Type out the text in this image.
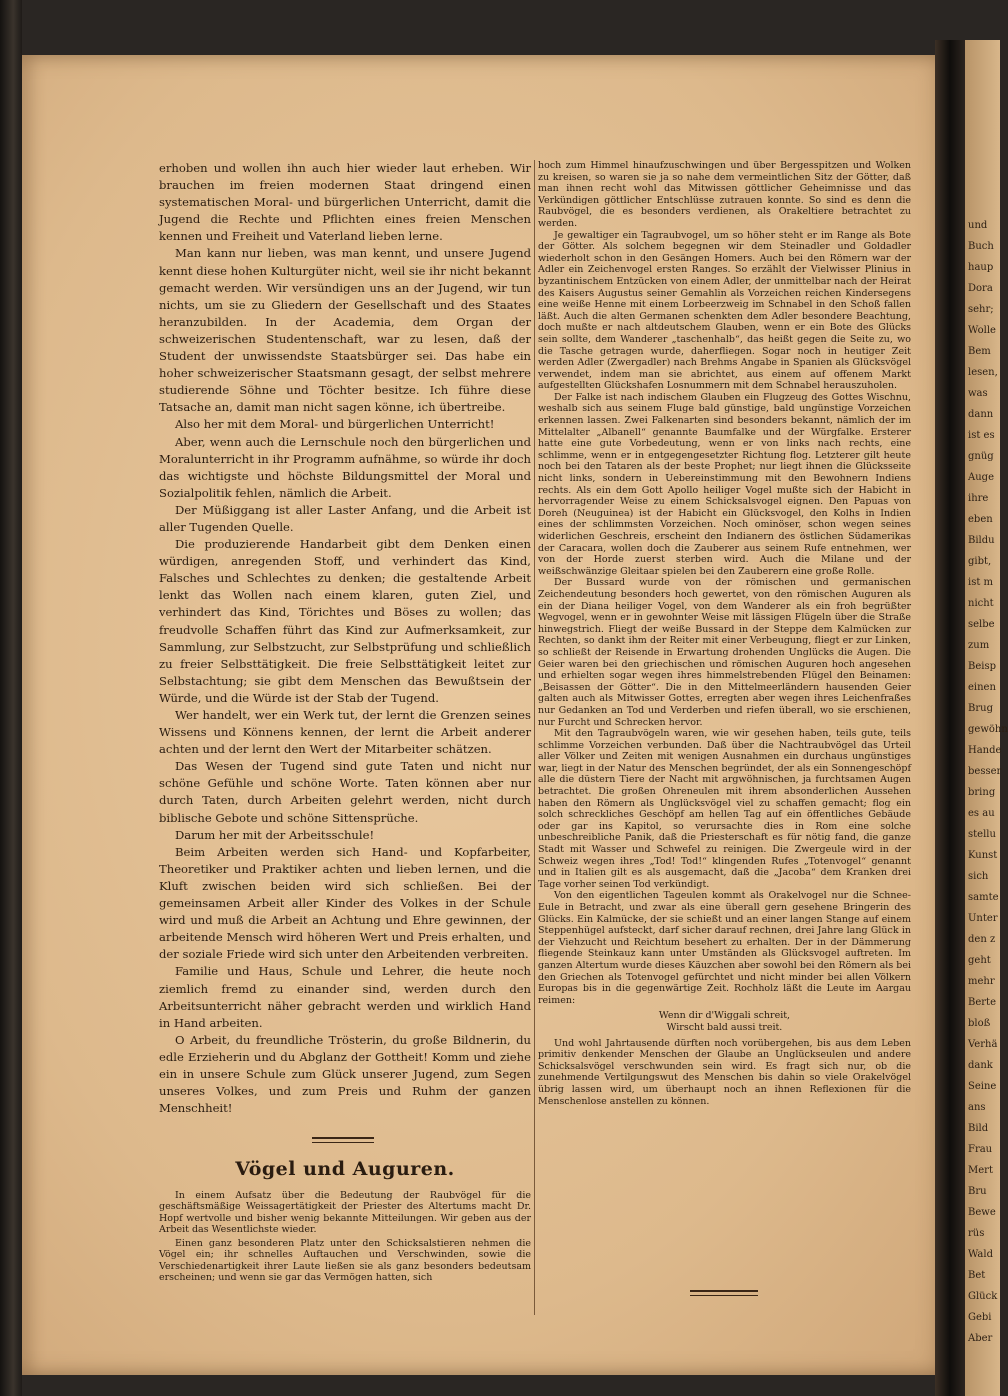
erhoben und wollen ihn auch hier wieder laut erheben. Wir brauchen im freien modernen Staat dringend einen systematischen Moral- und bürgerlichen Unterricht, damit die Jugend die Rechte und Pflichten eines freien Menschen kennen und Freiheit und Vaterland lieben lerne.

Man kann nur lieben, was man kennt, und unsere Jugend kennt diese hohen Kulturgüter nicht, weil sie ihr nicht bekannt gemacht werden. Wir versündigen uns an der Jugend, wir tun nichts, um sie zu Gliedern der Gesellschaft und des Staates heranzubilden. In der Academia, dem Organ der schweizerischen Studentenschaft, war zu lesen, daß der Student der unwissendste Staatsbürger sei. Das habe ein hoher schweizerischer Staatsmann gesagt, der selbst mehrere studierende Söhne und Töchter besitze. Ich führe diese Tatsache an, damit man nicht sagen könne, ich übertreibe.

Also her mit dem Moral- und bürgerlichen Unterricht!

Aber, wenn auch die Lernschule noch den bürgerlichen und Moralunterricht in ihr Programm aufnähme, so würde ihr doch das wichtigste und höchste Bildungsmittel der Moral und Sozialpolitik fehlen, nämlich die Arbeit.

Der Müßiggang ist aller Laster Anfang, und die Arbeit ist aller Tugenden Quelle.

Die produzierende Handarbeit gibt dem Denken einen würdigen, anregenden Stoff, und verhindert das Kind, Falsches und Schlechtes zu denken; die gestaltende Arbeit lenkt das Wollen nach einem klaren, guten Ziel, und verhindert das Kind, Törichtes und Böses zu wollen; das freudvolle Schaffen führt das Kind zur Aufmerksamkeit, zur Sammlung, zur Selbstzucht, zur Selbstprüfung und schließlich zu freier Selbsttätigkeit. Die freie Selbsttätigkeit leitet zur Selbstachtung; sie gibt dem Menschen das Bewußtsein der Würde, und die Würde ist der Stab der Tugend.

Wer handelt, wer ein Werk tut, der lernt die Grenzen seines Wissens und Könnens kennen, der lernt die Arbeit anderer achten und der lernt den Wert der Mitarbeiter schätzen.

Das Wesen der Tugend sind gute Taten und nicht nur schöne Gefühle und schöne Worte. Taten können aber nur durch Taten, durch Arbeiten gelehrt werden, nicht durch biblische Gebote und schöne Sittensprüche.

Darum her mit der Arbeitsschule!

Beim Arbeiten werden sich Hand- und Kopfarbeiter, Theoretiker und Praktiker achten und lieben lernen, und die Kluft zwischen beiden wird sich schließen. Bei der gemeinsamen Arbeit aller Kinder des Volkes in der Schule wird und muß die Arbeit an Achtung und Ehre gewinnen, der arbeitende Mensch wird höheren Wert und Preis erhalten, und der soziale Friede wird sich unter den Arbeitenden verbreiten.

Familie und Haus, Schule und Lehrer, die heute noch ziemlich fremd zu einander sind, werden durch den Arbeitsunterricht näher gebracht werden und wirklich Hand in Hand arbeiten.

O Arbeit, du freundliche Trösterin, du große Bildnerin, du edle Erzieherin und du Abglanz der Gottheit! Komm und ziehe ein in unsere Schule zum Glück unserer Jugend, zum Segen unseres Volkes, und zum Preis und Ruhm der ganzen Menschheit!

Vögel und Auguren.

In einem Aufsatz über die Bedeutung der Raubvögel für die geschäftsmäßige Weissagertätigkeit der Priester des Altertums macht Dr. Hopf wertvolle und bisher wenig bekannte Mitteilungen. Wir geben aus der Arbeit das Wesentlichste wieder.

Einen ganz besonderen Platz unter den Schicksalstieren nehmen die Vögel ein; ihr schnelles Auftauchen und Verschwinden, sowie die Verschiedenartigkeit ihrer Laute ließen sie als ganz besonders bedeutsam erscheinen; und wenn sie gar das Vermögen hatten, sich

hoch zum Himmel hinaufzuschwingen und über Bergesspitzen und Wolken zu kreisen, so waren sie ja so nahe dem vermeintlichen Sitz der Götter, daß man ihnen recht wohl das Mitwissen göttlicher Geheimnisse und das Verkündigen göttlicher Entschlüsse zutrauen konnte. So sind es denn die Raubvögel, die es besonders verdienen, als Orakeltiere betrachtet zu werden.

Je gewaltiger ein Tagraubvogel, um so höher steht er im Range als Bote der Götter. Als solchem begegnen wir dem Steinadler und Goldadler wiederholt schon in den Gesängen Homers. Auch bei den Römern war der Adler ein Zeichenvogel ersten Ranges. So erzählt der Vielwisser Plinius in byzantinischem Entzücken von einem Adler, der unmittelbar nach der Heirat des Kaisers Augustus seiner Gemahlin als Vorzeichen reichen Kindersegens eine weiße Henne mit einem Lorbeerzweig im Schnabel in den Schoß fallen läßt. Auch die alten Germanen schenkten dem Adler besondere Beachtung, doch mußte er nach altdeutschem Glauben, wenn er ein Bote des Glücks sein sollte, dem Wanderer „taschenhalb“, das heißt gegen die Seite zu, wo die Tasche getragen wurde, daherfliegen. Sogar noch in heutiger Zeit werden Adler (Zwergadler) nach Brehms Angabe in Spanien als Glücksvögel verwendet, indem man sie abrichtet, aus einem auf offenem Markt aufgestellten Glückshafen Losnummern mit dem Schnabel herauszuholen.

Der Falke ist nach indischem Glauben ein Flugzeug des Gottes Wischnu, weshalb sich aus seinem Fluge bald günstige, bald ungünstige Vorzeichen erkennen lassen. Zwei Falkenarten sind besonders bekannt, nämlich der im Mittelalter „Albanell“ genannte Baumfalke und der Würgfalke. Ersterer hatte eine gute Vorbedeutung, wenn er von links nach rechts, eine schlimme, wenn er in entgegengesetzter Richtung flog. Letzterer gilt heute noch bei den Tataren als der beste Prophet; nur liegt ihnen die Glücksseite nicht links, sondern in Uebereinstimmung mit den Bewohnern Indiens rechts. Als ein dem Gott Apollo heiliger Vogel mußte sich der Habicht in hervorragender Weise zu einem Schicksalsvogel eignen. Den Papuas von Doreh (Neuguinea) ist der Habicht ein Glücksvogel, den Kolhs in Indien eines der schlimmsten Vorzeichen. Noch ominöser, schon wegen seines widerlichen Geschreis, erscheint den Indianern des östlichen Südamerikas der Caracara, wollen doch die Zauberer aus seinem Rufe entnehmen, wer von der Horde zuerst sterben wird. Auch die Milane und der weißschwänzige Gleitaar spielen bei den Zauberern eine große Rolle.

Der Bussard wurde von der römischen und germanischen Zeichendeutung besonders hoch gewertet, von den römischen Auguren als ein der Diana heiliger Vogel, von dem Wanderer als ein froh begrüßter Wegvogel, wenn er in gewohnter Weise mit lässigen Flügeln über die Straße hinwegstrich. Fliegt der weiße Bussard in der Steppe dem Kalmücken zur Rechten, so dankt ihm der Reiter mit einer Verbeugung, fliegt er zur Linken, so schließt der Reisende in Erwartung drohenden Unglücks die Augen. Die Geier waren bei den griechischen und römischen Auguren hoch angesehen und erhielten sogar wegen ihres himmelstrebenden Flügel den Beinamen: „Beisassen der Götter“. Die in den Mittelmeerländern hausenden Geier galten auch als Mitwisser Gottes, erregten aber wegen ihres Leichenfraßes nur Gedanken an Tod und Verderben und riefen überall, wo sie erschienen, nur Furcht und Schrecken hervor.

Mit den Tagraubvögeln waren, wie wir gesehen haben, teils gute, teils schlimme Vorzeichen verbunden. Daß über die Nachtraubvögel das Urteil aller Völker und Zeiten mit wenigen Ausnahmen ein durchaus ungünstiges war, liegt in der Natur des Menschen begründet, der als ein Sonnengeschöpf alle die düstern Tiere der Nacht mit argwöhnischen, ja furchtsamen Augen betrachtet. Die großen Ohreneulen mit ihrem absonderlichen Aussehen haben den Römern als Unglücksvögel viel zu schaffen gemacht; flog ein solch schreckliches Geschöpf am hellen Tag auf ein öffentliches Gebäude oder gar ins Kapitol, so verursachte dies in Rom eine solche unbeschreibliche Panik, daß die Priesterschaft es für nötig fand, die ganze Stadt mit Wasser und Schwefel zu reinigen. Die Zwergeule wird in der Schweiz wegen ihres „Tod! Tod!“ klingenden Rufes „Totenvogel“ genannt und in Italien gilt es als ausgemacht, daß die „Jacoba“ dem Kranken drei Tage vorher seinen Tod verkündigt.

Von den eigentlichen Tageulen kommt als Orakelvogel nur die Schnee-Eule in Betracht, und zwar als eine überall gern gesehene Bringerin des Glücks. Ein Kalmücke, der sie schießt und an einer langen Stange auf einem Steppenhügel aufsteckt, darf sicher darauf rechnen, drei Jahre lang Glück in der Viehzucht und Reichtum besehert zu erhalten. Der in der Dämmerung fliegende Steinkauz kann unter Umständen als Glücksvogel auftreten. Im ganzen Altertum wurde dieses Käuzchen aber sowohl bei den Römern als bei den Griechen als Totenvogel gefürchtet und nicht minder bei allen Völkern Europas bis in die gegenwärtige Zeit. Rochholz läßt die Leute im Aargau reimen:

Wenn dir d'Wiggali schreit,
Wirscht bald aussi treit.

Und wohl Jahrtausende dürften noch vorübergehen, bis aus dem Leben primitiv denkender Menschen der Glaube an Unglückseulen und andere Schicksalsvögel verschwunden sein wird. Es fragt sich nur, ob die zunehmende Vertilgungswut des Menschen bis dahin so viele Orakelvögel übrig lassen wird, um überhaupt noch an ihnen Reflexionen für die Menschenlose anstellen zu können.

und
Buch
haup
Dora
sehr;
Wolle
Bem
lesen,
was
dann
ist es
gnüg
Auge
ihre
eben
Bildu
gibt,
ist m
nicht
selbe
zum
Beisp
einen
Brug
gewöhn
Hande
besser
bring
es au
stellu
Kunst
sich
samte
Unter
den z
geht
mehr
Berte
bloß
Verhä
dank
Seine
ans
Bild
Frau
Mert
Bru
Bewe
rüs
Wald
Bet
Glück
Gebi
Aber
